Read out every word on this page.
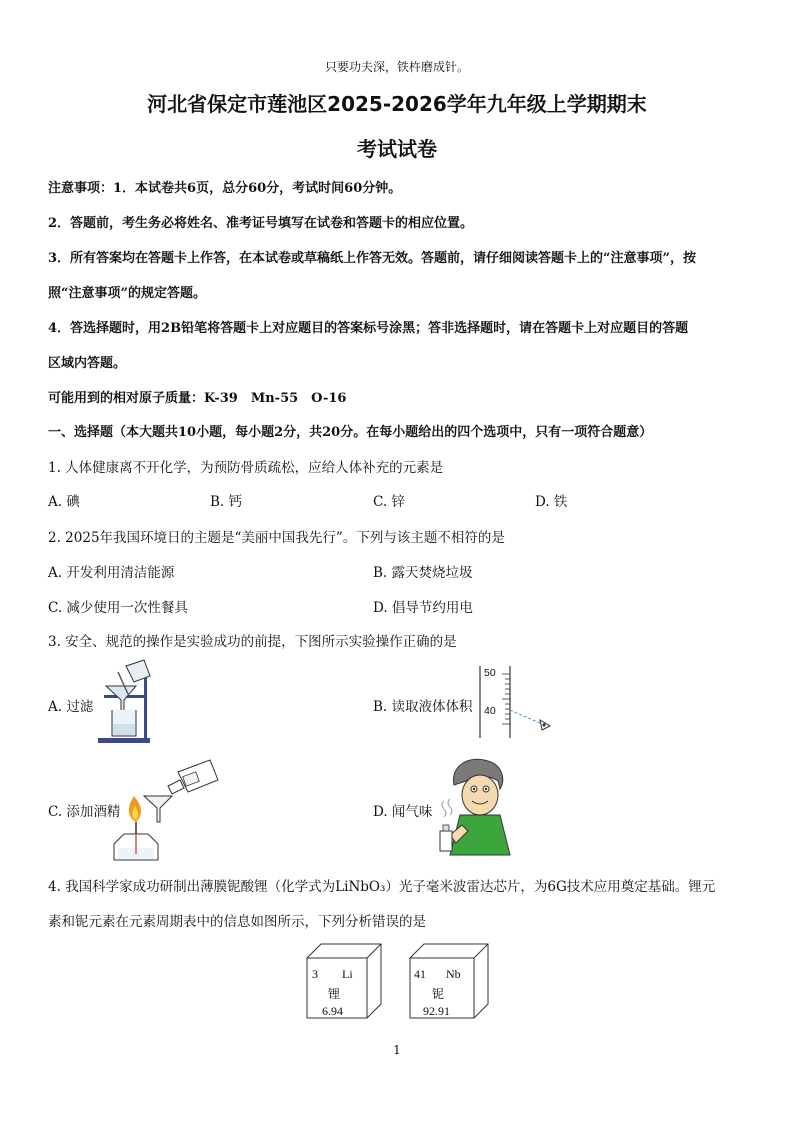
只要功夫深，铁杵磨成针。
河北省保定市莲池区2025-2026学年九年级上学期期末
考试试卷
注意事项：1．本试卷共6页，总分60分，考试时间60分钟。
2．答题前，考生务必将姓名、准考证号填写在试卷和答题卡的相应位置。
3．所有答案均在答题卡上作答，在本试卷或草稿纸上作答无效。答题前，请仔细阅读答题卡上的“注意事项”，按
照“注意事项”的规定答题。
4．答选择题时，用2B铅笔将答题卡上对应题目的答案标号涂黑；答非选择题时，请在答题卡上对应题目的答题
区域内答题。
可能用到的相对原子质量：K-39　Mn-55　O-16
一、选择题（本大题共10小题，每小题2分，共20分。在每小题给出的四个选项中，只有一项符合题意）
1. 人体健康离不开化学，为预防骨质疏松，应给人体补充的元素是
A. 碘	B. 钙	C. 锌	D. 铁
2. 2025年我国环境日的主题是“美丽中国我先行”。下列与该主题不相符的是
A. 开发利用清洁能源	B. 露天焚烧垃圾
C. 减少使用一次性餐具	D. 倡导节约用电
3. 安全、规范的操作是实验成功的前提，下图所示实验操作正确的是
A. 过滤	B. 读取液体体积
C. 添加酒精	D. 闻气味
50
40
4. 我国科学家成功研制出薄膜铌酸锂（化学式为LiNbO₃）光子毫米波雷达芯片，为6G技术应用奠定基础。锂元
素和铌元素在元素周期表中的信息如图所示，下列分析错误的是
3 Li
锂
6.94
41 Nb
铌
92.91
1
